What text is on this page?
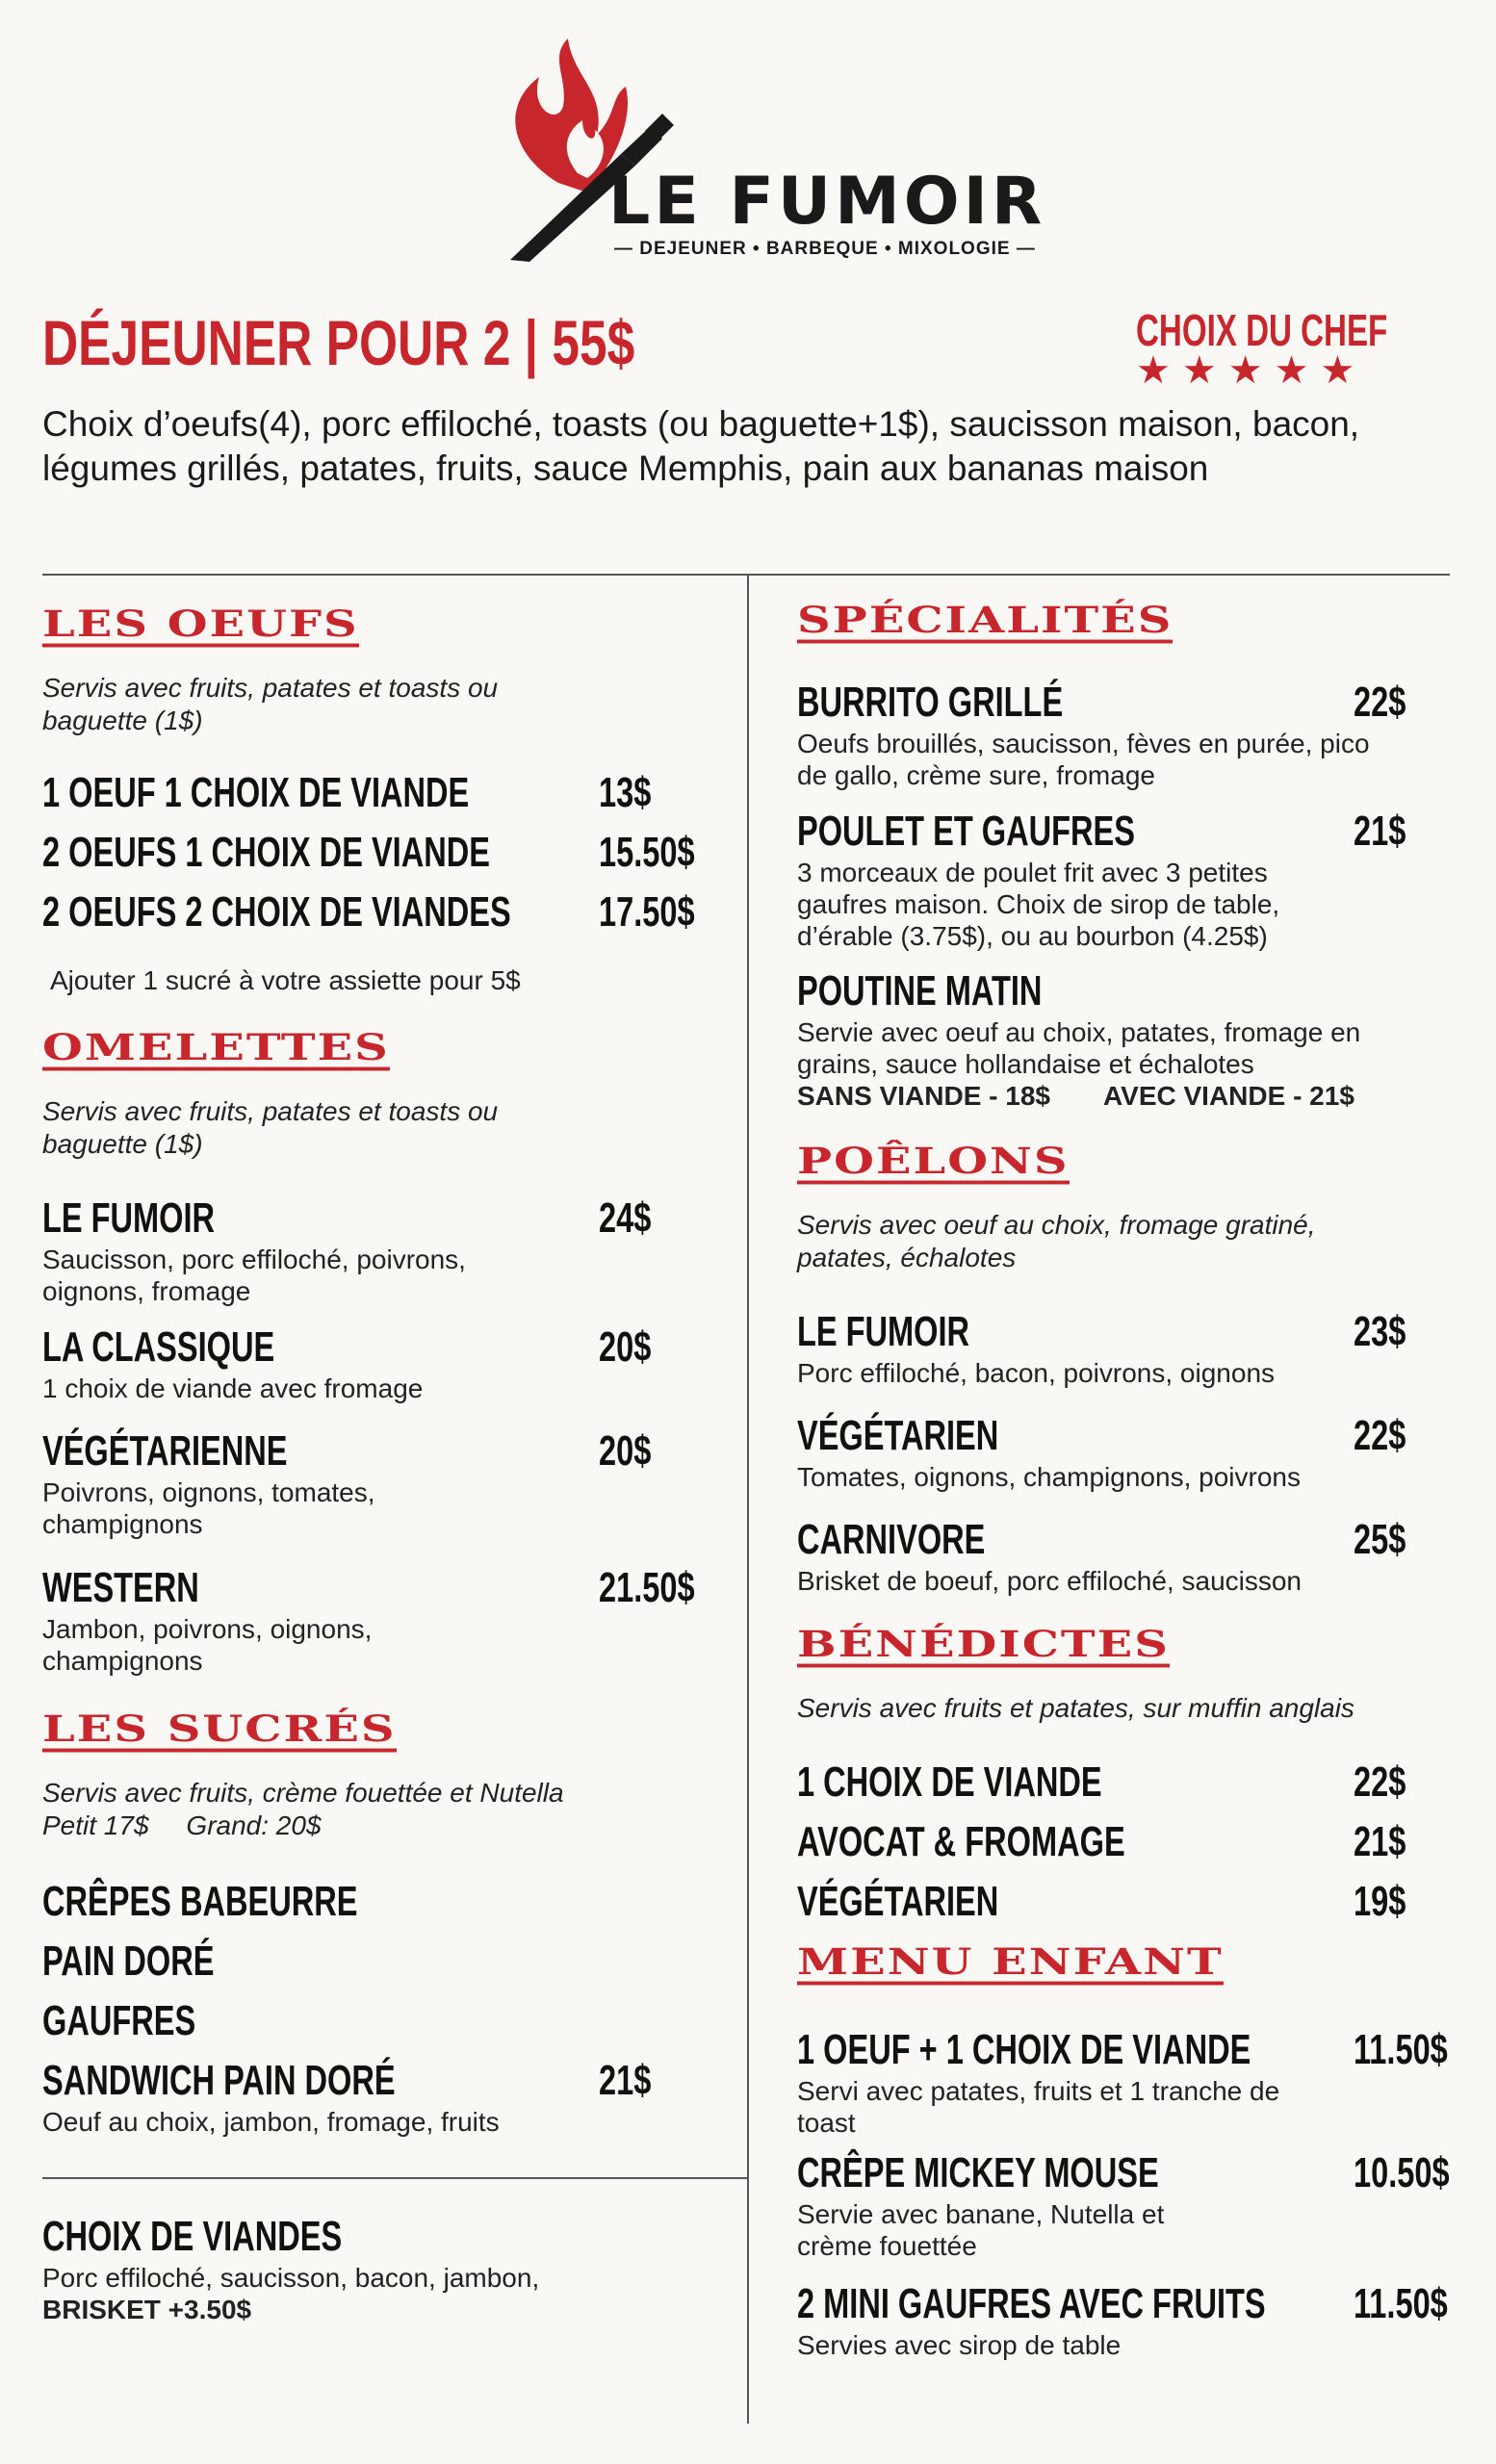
LE FUMOIR
— DEJEUNER • BARBEQUE • MIXOLOGIE —
DÉJEUNER POUR 2 | 55$	CHOIX DU CHEF
★★★★★
Choix d’oeufs(4), porc effiloché, toasts (ou baguette+1$), saucisson maison, bacon, légumes grillés, patates, fruits, sauce Memphis, pain aux bananas maison
LES OEUFS
Servis avec fruits, patates et toasts ou baguette (1$)
1 OEUF 1 CHOIX DE VIANDE	13$
2 OEUFS 1 CHOIX DE VIANDE	15.50$
2 OEUFS 2 CHOIX DE VIANDES 17.50$
Ajouter 1 sucré à votre assiette pour 5$
OMELETTES
Servis avec fruits, patates et toasts ou baguette (1$)
LE FUMOIR	24$
Saucisson, porc effiloché, poivrons, oignons, fromage
LA CLASSIQUE	20$
1 choix de viande avec fromage
VÉGÉTARIENNE	20$
Poivrons, oignons, tomates, champignons
WESTERN	21.50$
Jambon, poivrons, oignons, champignons
LES SUCRÉS
Servis avec fruits, crème fouettée et Nutella
Petit 17$     Grand: 20$
CRÊPES BABEURRE
PAIN DORÉ
GAUFRES
SANDWICH PAIN DORÉ	21$
Oeuf au choix, jambon, fromage, fruits
CHOIX DE VIANDES
Porc effiloché, saucisson, bacon, jambon,
BRISKET +3.50$
SPÉCIALITÉS
BURRITO GRILLÉ	22$
Oeufs brouillés, saucisson, fèves en purée, pico de gallo, crème sure, fromage
POULET ET GAUFRES	21$
3 morceaux de poulet frit avec 3 petites gaufres maison. Choix de sirop de table, d’érable (3.75$), ou au bourbon (4.25$)
POUTINE MATIN
Servie avec oeuf au choix, patates, fromage en grains, sauce hollandaise et échalotes
SANS VIANDE - 18$ AVEC VIANDE - 21$
POÊLONS
Servis avec oeuf au choix, fromage gratiné, patates, échalotes
LE FUMOIR	23$
Porc effiloché, bacon, poivrons, oignons
VÉGÉTARIEN	22$
Tomates, oignons, champignons, poivrons
CARNIVORE	25$
Brisket de boeuf, porc effiloché, saucisson
BÉNÉDICTES
Servis avec fruits et patates, sur muffin anglais
1 CHOIX DE VIANDE	22$
AVOCAT & FROMAGE	21$
VÉGÉTARIEN	19$
MENU ENFANT
1 OEUF + 1 CHOIX DE VIANDE 11.50$
Servi avec patates, fruits et 1 tranche de toast
CRÊPE MICKEY MOUSE	10.50$
Servie avec banane, Nutella et crème fouettée
2 MINI GAUFRES AVEC FRUITS 11.50$
Servies avec sirop de table
